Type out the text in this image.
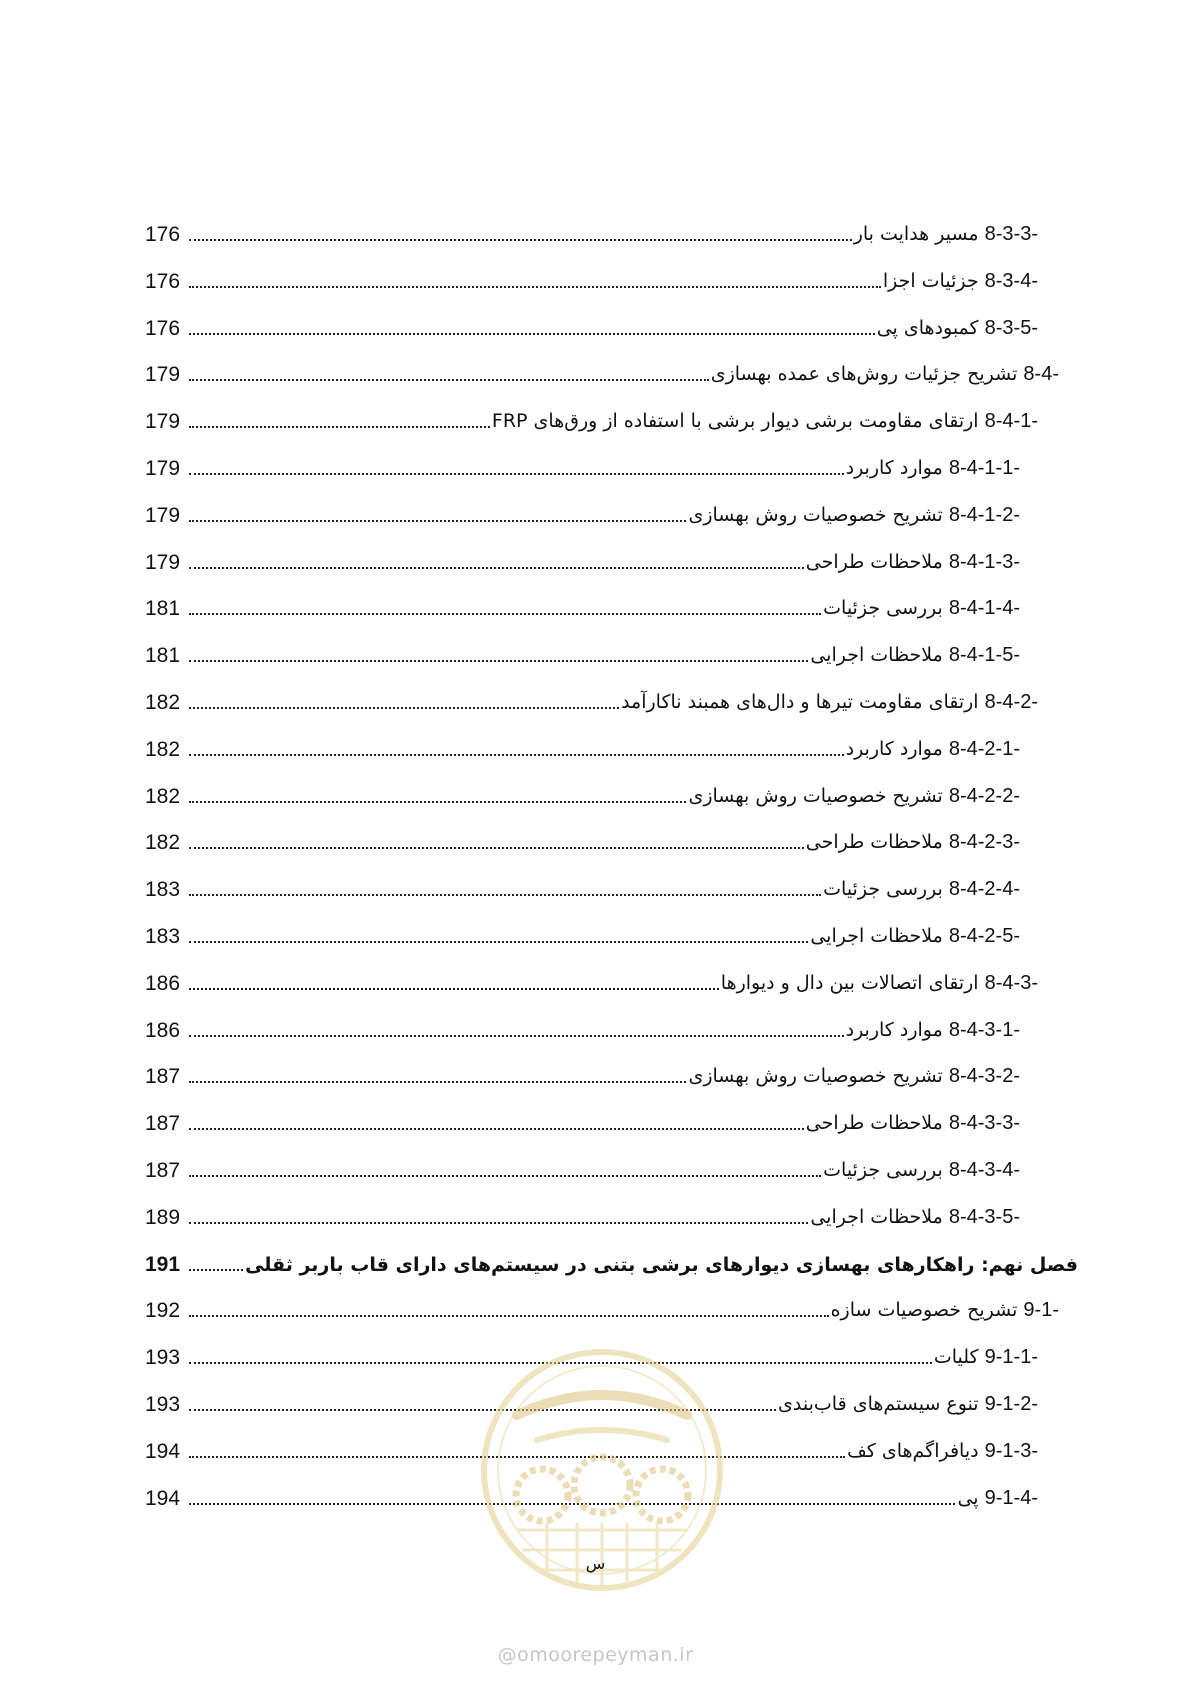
8-3-3- مسیر هدایت بار
176
8-3-4- جزئیات اجزا
176
8-3-5- کمبودهای پی
176
8-4- تشریح جزئیات روش‌های عمده بهسازی
179
8-4-1- ارتقای مقاومت برشی دیوار برشی با استفاده از ورق‌های FRP
179
8-4-1-1- موارد کاربرد
179
8-4-1-2- تشریح خصوصیات روش بهسازی
179
8-4-1-3- ملاحظات طراحی
179
8-4-1-4- بررسی جزئیات
181
8-4-1-5- ملاحظات اجرایی
181
8-4-2- ارتقای مقاومت تیرها و دال‌های همبند ناکارآمد
182
8-4-2-1- موارد کاربرد
182
8-4-2-2- تشریح خصوصیات روش بهسازی
182
8-4-2-3- ملاحظات طراحی
182
8-4-2-4- بررسی جزئیات
183
8-4-2-5- ملاحظات اجرایی
183
8-4-3- ارتقای اتصالات بین دال و دیوارها
186
8-4-3-1- موارد کاربرد
186
8-4-3-2- تشریح خصوصیات روش بهسازی
187
8-4-3-3- ملاحظات طراحی
187
8-4-3-4- بررسی جزئیات
187
8-4-3-5- ملاحظات اجرایی
189
فصل نهم: راهکارهای بهسازی دیوارهای برشی بتنی در سیستم‌های دارای قاب باربر ثقلی
191
9-1- تشریح خصوصیات سازه
192
9-1-1- کلیات
193
9-1-2- تنوع سیستم‌های قاب‌بندی
193
9-1-3- دیافراگم‌های کف
194
9-1-4- پی
194
س
@omoorepeyman.ir
